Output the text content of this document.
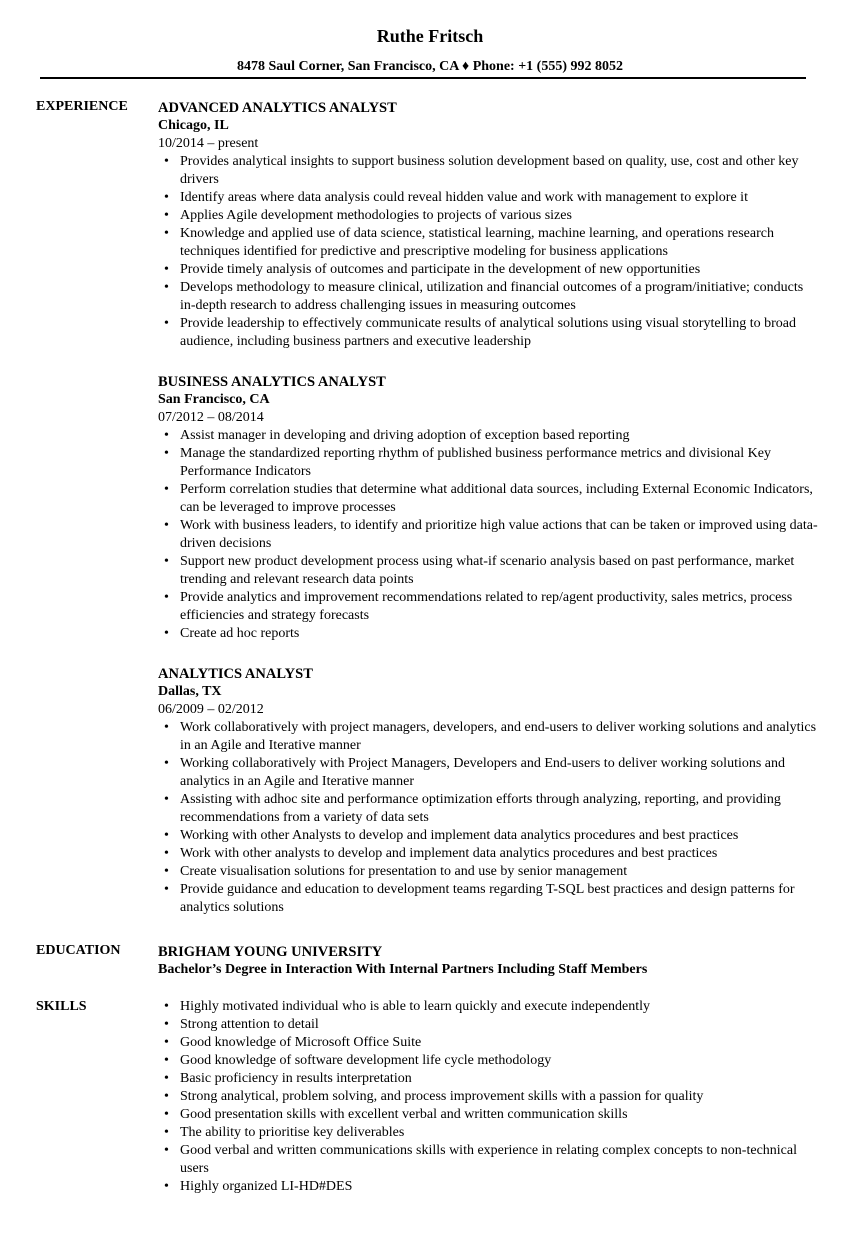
Ruthe Fritsch
8478 Saul Corner, San Francisco, CA ♦ Phone: +1 (555) 992 8052
EXPERIENCE ADVANCED ANALYTICS ANALYST
Chicago, IL
10/2014 – present
• Provides analytical insights to support business solution development based on quality, use, cost and other key drivers
• Identify areas where data analysis could reveal hidden value and work with management to explore it
• Applies Agile development methodologies to projects of various sizes
• Knowledge and applied use of data science, statistical learning, machine learning, and operations research techniques identified for predictive and prescriptive modeling for business applications
• Provide timely analysis of outcomes and participate in the development of new opportunities
• Develops methodology to measure clinical, utilization and financial outcomes of a program/initiative; conducts in-depth research to address challenging issues in measuring outcomes
• Provide leadership to effectively communicate results of analytical solutions using visual storytelling to broad audience, including business partners and executive leadership
BUSINESS ANALYTICS ANALYST
San Francisco, CA
07/2012 – 08/2014
• Assist manager in developing and driving adoption of exception based reporting
• Manage the standardized reporting rhythm of published business performance metrics and divisional Key Performance Indicators
• Perform correlation studies that determine what additional data sources, including External Economic Indicators, can be leveraged to improve processes
• Work with business leaders, to identify and prioritize high value actions that can be taken or improved using data-driven decisions
• Support new product development process using what-if scenario analysis based on past performance, market trending and relevant research data points
• Provide analytics and improvement recommendations related to rep/agent productivity, sales metrics, process efficiencies and strategy forecasts
• Create ad hoc reports
ANALYTICS ANALYST
Dallas, TX
06/2009 – 02/2012
• Work collaboratively with project managers, developers, and end-users to deliver working solutions and analytics in an Agile and Iterative manner
• Working collaboratively with Project Managers, Developers and End-users to deliver working solutions and analytics in an Agile and Iterative manner
• Assisting with adhoc site and performance optimization efforts through analyzing, reporting, and providing recommendations from a variety of data sets
• Working with other Analysts to develop and implement data analytics procedures and best practices
• Work with other analysts to develop and implement data analytics procedures and best practices
• Create visualisation solutions for presentation to and use by senior management
• Provide guidance and education to development teams regarding T-SQL best practices and design patterns for analytics solutions
EDUCATION	BRIGHAM YOUNG UNIVERSITY
Bachelor’s Degree in Interaction With Internal Partners Including Staff Members
SKILLS
•	Highly motivated individual who is able to learn quickly and execute independently
• Strong attention to detail
• Good knowledge of Microsoft Office Suite
• Good knowledge of software development life cycle methodology
• Basic proficiency in results interpretation
• Strong analytical, problem solving, and process improvement skills with a passion for quality
• Good presentation skills with excellent verbal and written communication skills
• The ability to prioritise key deliverables
• Good verbal and written communications skills with experience in relating complex concepts to non-technical users
• Highly organized LI-HD#DES
